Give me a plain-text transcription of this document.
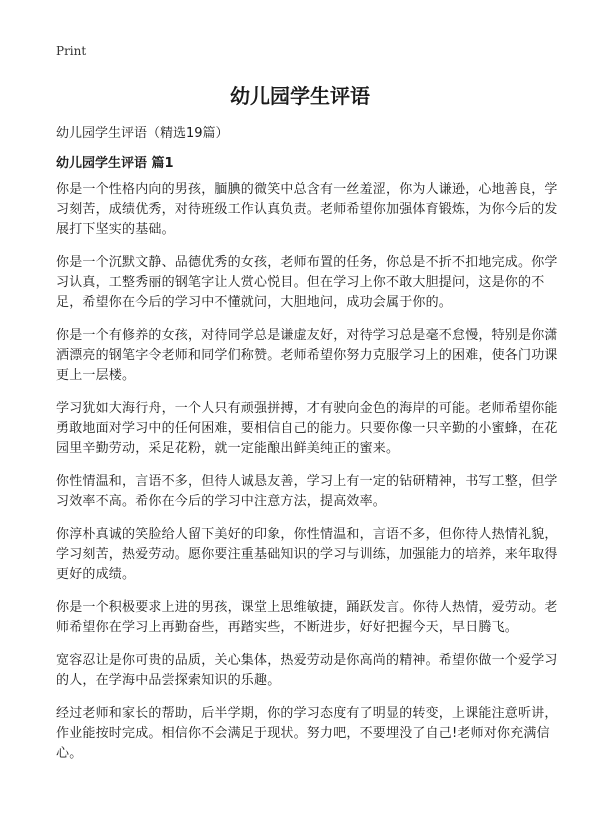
Print
幼儿园学生评语

幼儿园学生评语（精选19篇）

幼儿园学生评语 篇1

你是一个性格内向的男孩，腼腆的微笑中总含有一丝羞涩，你为人谦逊，心地善良，学习刻苦，成绩优秀，对待班级工作认真负责。老师希望你加强体育锻炼，为你今后的发展打下坚实的基础。

你是一个沉默文静、品德优秀的女孩，老师布置的任务，你总是不折不扣地完成。你学习认真，工整秀丽的钢笔字让人赏心悦目。但在学习上你不敢大胆提问，这是你的不足，希望你在今后的学习中不懂就问，大胆地问，成功会属于你的。

你是一个有修养的女孩，对待同学总是谦虚友好，对待学习总是毫不怠慢，特别是你潇洒漂亮的钢笔字令老师和同学们称赞。老师希望你努力克服学习上的困难，使各门功课更上一层楼。

学习犹如大海行舟，一个人只有顽强拼搏，才有驶向金色的海岸的可能。老师希望你能勇敢地面对学习中的任何困难，要相信自己的能力。只要你像一只辛勤的小蜜蜂，在花园里辛勤劳动，采足花粉，就一定能酿出鲜美纯正的蜜来。

你性情温和，言语不多，但待人诚恳友善，学习上有一定的钻研精神，书写工整，但学习效率不高。希你在今后的学习中注意方法，提高效率。

你淳朴真诚的笑脸给人留下美好的印象，你性情温和，言语不多，但你待人热情礼貌，学习刻苦，热爱劳动。愿你要注重基础知识的学习与训练，加强能力的培养，来年取得更好的成绩。

你是一个积极要求上进的男孩，课堂上思维敏捷，踊跃发言。你待人热情，爱劳动。老师希望你在学习上再勤奋些，再踏实些，不断进步，好好把握今天，早日腾飞。

宽容忍让是你可贵的品质，关心集体，热爱劳动是你高尚的精神。希望你做一个爱学习的人，在学海中品尝探索知识的乐趣。

经过老师和家长的帮助，后半学期，你的学习态度有了明显的转变，上课能注意听讲，作业能按时完成。相信你不会满足于现状。努力吧，不要埋没了自己!老师对你充满信心。
